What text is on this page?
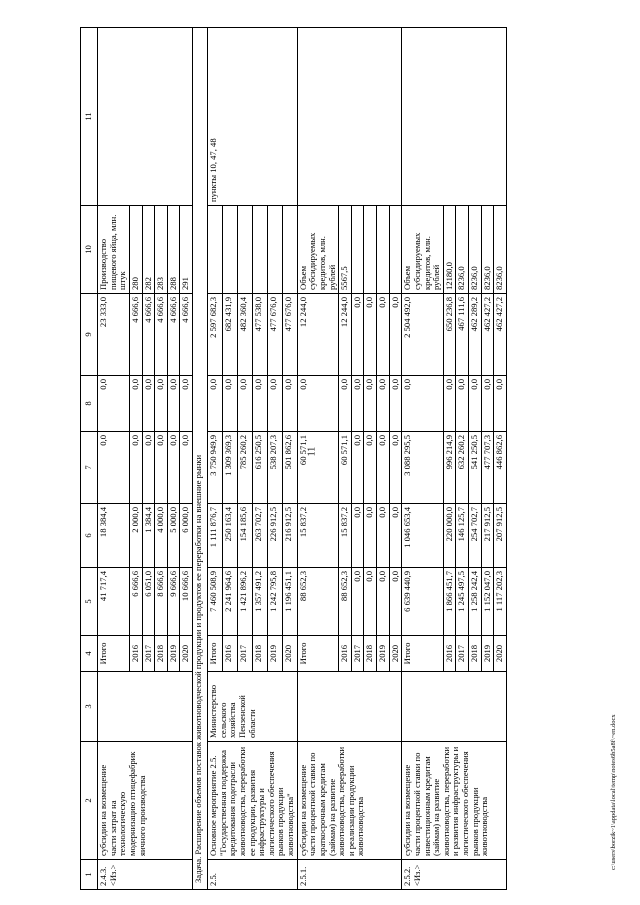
11
1	2	3	4	5	6	7	8	9	10	11
2.4.3. <Из.>	субсидии на возмещение части затрат на технологическую модернизацию птицефабрик яичного производства		Итого	41 717,4	18 384,4	0,0	0,0	23 333,0	Производство пищевого яйца, млн. штук	
			2016	6 666,6	2 000,0	0,0	0,0	4 666,6	280	
			2017	6 051,0	1 384,4	0,0	0,0	4 666,6	282	
			2018	8 666,6	4 000,0	0,0	0,0	4 666,6	283	
			2019	9 666,6	5 000,0	0,0	0,0	4 666,6	288	
			2020	10 666,6	6 000,0	0,0	0,0	4 666,6	291	
Задача. Расширение объемов поставок животноводческой продукции и продуктов ее переработки на внешние рынки										
2.5.	Основное мероприятие 2.5. "Государственная поддержка кредитования подотрасли животноводства, переработки ее продукции, развития инфраструктуры и логистического обеспечения рынков продукции животноводства"	Министерство сельского хозяйства Пензенской области	Итого	7 460 508,9	1 111 876,7	3 750 949,9	0,0	2 597 682,3		пункты 10, 47, 48
			2016	2 241 964,6	250 163,4	1 309 369,3	0,0	682 431,9		
			2017	1 421 896,2	154 185,6	785 260,2	0,0	482 360,4		
			2018	1 357 491,2	263 702,7	616 250,5	0,0	477 538,0		
			2019	1 242 795,8	226 912,5	538 207,3	0,0	477 676,0		
			2020	1 196 451,1	216 912,5	501 862,6	0,0	477 676,0		
2.5.1.	субсидии на возмещение части процентной ставки по краткосрочным кредитам (займам) на развитие животноводства, переработки и реализации продукции животноводства		Итого	88 652,3	15 837,2	60 571,1	0,0	12 244,0	Объем субсидируемых кредитов, млн. рублей	
			2016	88 652,3	15 837,2	60 571,1	0,0	12 244,0	5567,5	
			2017	0,0	0,0	0,0	0,0	0,0		
			2018	0,0	0,0	0,0	0,0	0,0		
			2019	0,0	0,0	0,0	0,0	0,0		
			2020	0,0	0,0	0,0	0,0	0,0		
2.5.2. <Из.>	субсидии на возмещение части процентной ставки по инвестиционным кредитам (займам) на развитие животноводства, переработки и развития инфраструктуры и логистического обеспечения рынков продукции животноводства		Итого	6 639 440,9	1 046 653,4	3 088 295,5	0,0	2 504 492,0	Объем субсидируемых кредитов, млн. рублей	
			2016	1 866 451,7	220 000,0	996 214,9	0,0	650 236,8	12180,0	
			2017	1 245 497,5	146 125,7	632 260,2	0,0	467 111,6	8236,0	
			2018	1 258 242,4	254 702,7	541 250,5	0,0	462 289,2	8236,0	
			2019	1 152 047,0	217 912,5	477 707,3	0,0	462 427,2	8236,0	
			2020	1 117 202,3	207 912,5	446 862,6	0,0	462 427,2	8236,0	
c:\users\borzik~1\appdata\local\temp\notes6b5a8f\~en.docx
